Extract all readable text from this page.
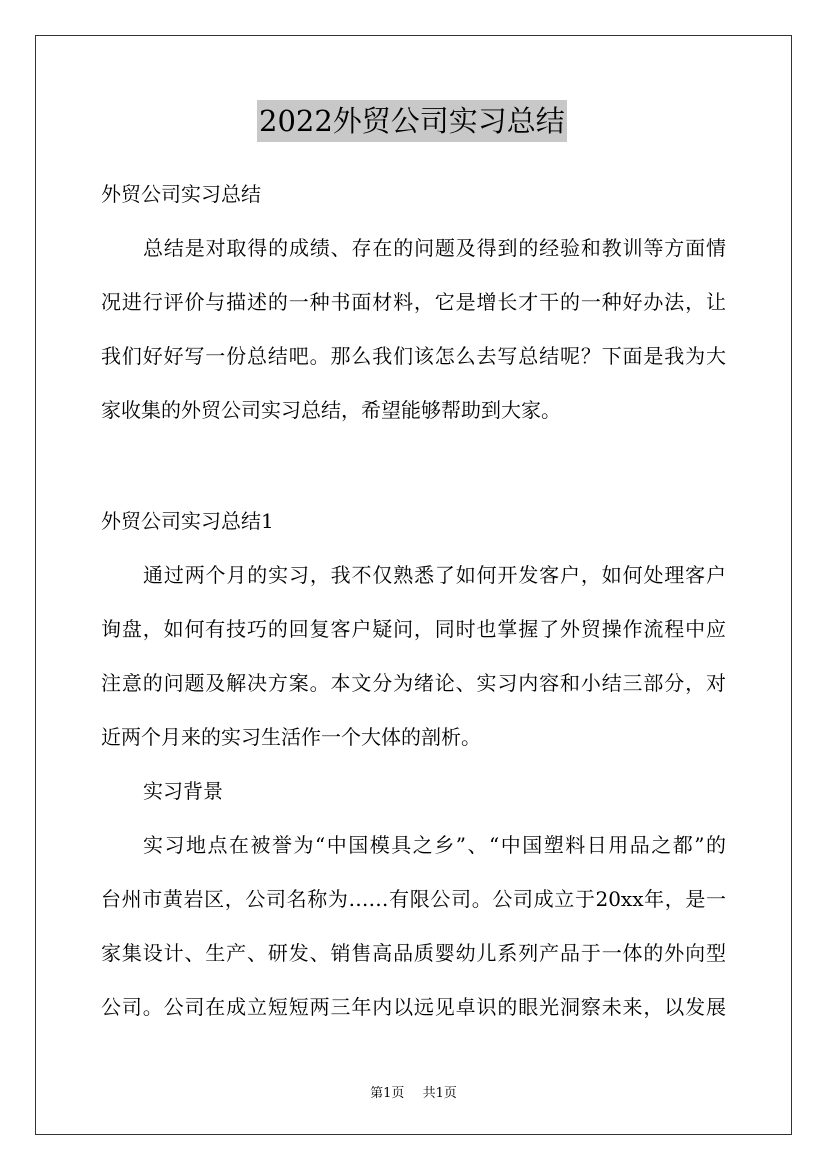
2022外贸公司实习总结
外贸公司实习总结
总结是对取得的成绩、存在的问题及得到的经验和教训等方面情
况进行评价与描述的一种书面材料，它是增长才干的一种好办法，让
我们好好写一份总结吧。那么我们该怎么去写总结呢？下面是我为大
家收集的外贸公司实习总结，希望能够帮助到大家。
外贸公司实习总结1
通过两个月的实习，我不仅熟悉了如何开发客户，如何处理客户
询盘，如何有技巧的回复客户疑问，同时也掌握了外贸操作流程中应
注意的问题及解决方案。本文分为绪论、实习内容和小结三部分，对
近两个月来的实习生活作一个大体的剖析。
实习背景
实习地点在被誉为“中国模具之乡”、“中国塑料日用品之都”的
台州市黄岩区，公司名称为……有限公司。公司成立于20xx年，是一
家集设计、生产、研发、销售高品质婴幼儿系列产品于一体的外向型
公司。公司在成立短短两三年内以远见卓识的眼光洞察未来，以发展
第1页 共1页
